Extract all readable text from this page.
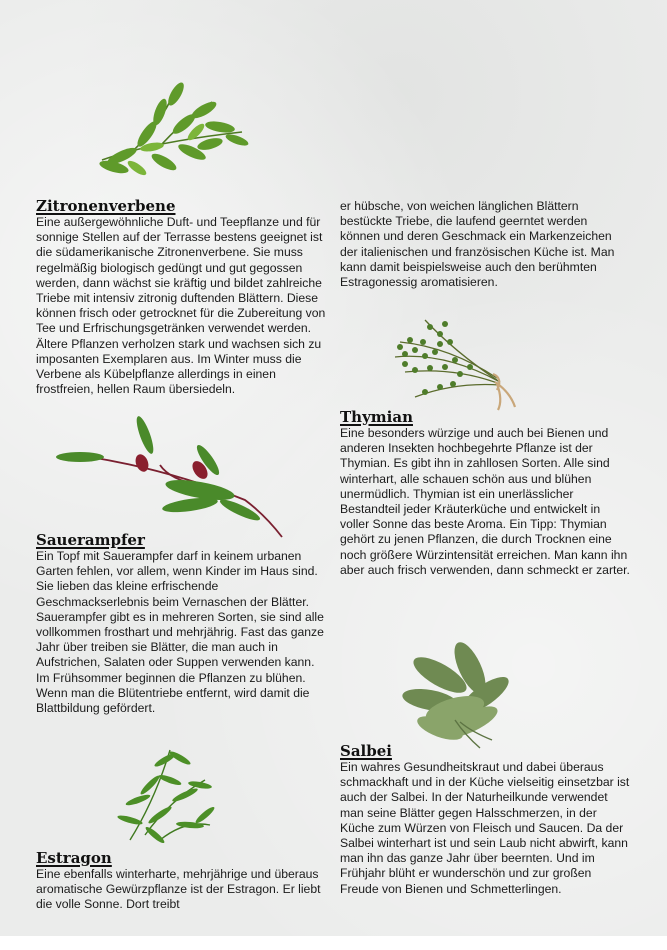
Zitronenverbene

Eine außergewöhnliche Duft- und Teepflanze und für sonnige Stellen auf der Terrasse bestens geeignet ist die südamerikanische Zitronenverbene. Sie muss regelmäßig biologisch gedüngt und gut gegossen werden, dann wächst sie kräftig und bildet zahlreiche Triebe mit intensiv zitronig duftenden Blättern. Diese können frisch oder getrocknet für die Zubereitung von Tee und Erfrischungsgetränken verwendet werden. Ältere Pflanzen verholzen stark und wachsen sich zu imposanten Exemplaren aus. Im Winter muss die Verbene als Kübelpflanze allerdings in einen frostfreien, hellen Raum übersiedeln.

Sauerampfer

Ein Topf mit Sauerampfer darf in keinem urbanen Garten fehlen, vor allem, wenn Kinder im Haus sind. Sie lieben das kleine erfrischende Geschmackserlebnis beim Vernaschen der Blätter. Sauerampfer gibt es in mehreren Sorten, sie sind alle vollkommen frosthart und mehrjährig. Fast das ganze Jahr über treiben sie Blätter, die man auch in Aufstrichen, Salaten oder Suppen verwenden kann. Im Frühsommer beginnen die Pflanzen zu blühen. Wenn man die Blütentriebe entfernt, wird damit die Blattbildung gefördert.

Estragon

Eine ebenfalls winterharte, mehrjährige und überaus aromatische Gewürzpflanze ist der Estragon. Er liebt die volle Sonne. Dort treibt

er hübsche, von weichen länglichen Blättern bestückte Triebe, die laufend geerntet werden können und deren Geschmack ein Markenzeichen der italienischen und französischen Küche ist. Man kann damit beispielsweise auch den berühmten Estragonessig aromatisieren.

Thymian

Eine besonders würzige und auch bei Bienen und anderen Insekten hochbegehrte Pflanze ist der Thymian. Es gibt ihn in zahllosen Sorten. Alle sind winterhart, alle schauen schön aus und blühen unermüdlich. Thymian ist ein unerlässlicher Bestandteil jeder Kräuterküche und entwickelt in voller Sonne das beste Aroma. Ein Tipp: Thymian gehört zu jenen Pflanzen, die durch Trocknen eine noch größere Würzintensität erreichen. Man kann ihn aber auch frisch verwenden, dann schmeckt er zarter.

Salbei

Ein wahres Gesundheitskraut und dabei überaus schmackhaft und in der Küche vielseitig einsetzbar ist auch der Salbei. In der Naturheilkunde verwendet man seine Blätter gegen Halsschmerzen, in der Küche zum Würzen von Fleisch und Saucen. Da der Salbei winterhart ist und sein Laub nicht abwirft, kann man ihn das ganze Jahr über beernten. Und im Frühjahr blüht er wunderschön und zur großen Freude von Bienen und Schmetterlingen.
